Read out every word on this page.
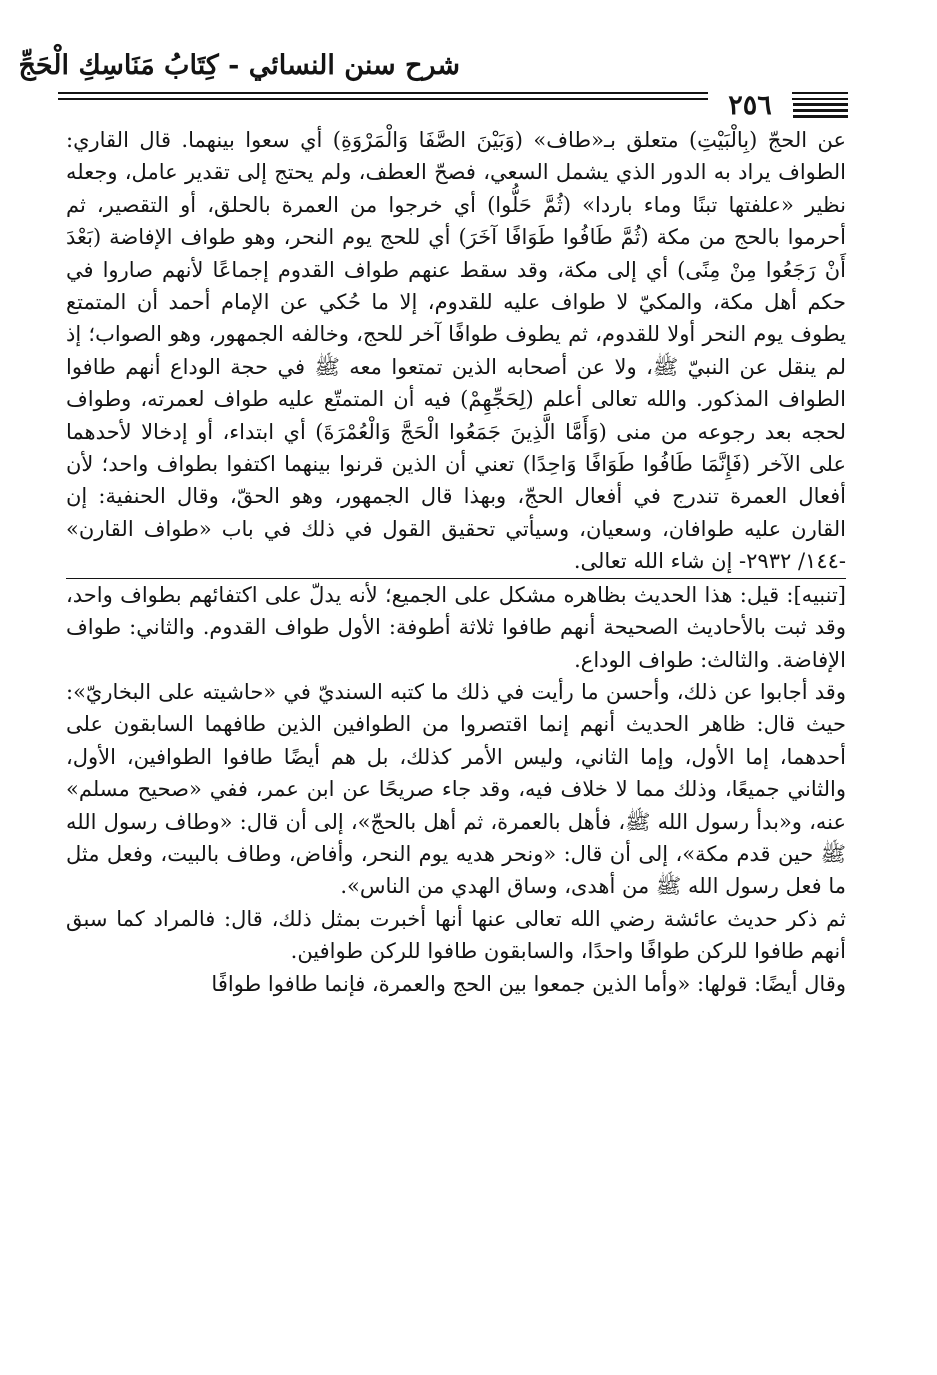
شرح سنن النسائي - كِتَابُ مَنَاسِكِ الْحَجِّ
٢٥٦

عن الحجّ (بِالْبَيْتِ) متعلق بـ«طاف» (وَبَيْنَ الصَّفَا وَالْمَرْوَةِ) أي سعوا بينهما. قال القاري: الطواف يراد به الدور الذي يشمل السعي، فصحّ العطف، ولم يحتج إلى تقدير عامل، وجعله نظير «علفتها تبنًا وماء باردا» (ثُمَّ حَلُّوا) أي خرجوا من العمرة بالحلق، أو التقصير، ثم أحرموا بالحج من مكة (ثُمَّ طَافُوا طَوَافًا آخَرَ) أي للحج يوم النحر، وهو طواف الإفاضة (بَعْدَ أَنْ رَجَعُوا مِنْ مِنًى) أي إلى مكة، وقد سقط عنهم طواف القدوم إجماعًا لأنهم صاروا في حكم أهل مكة، والمكيّ لا طواف عليه للقدوم، إلا ما حُكي عن الإمام أحمد أن المتمتع يطوف يوم النحر أولا للقدوم، ثم يطوف طوافًا آخر للحج، وخالفه الجمهور، وهو الصواب؛ إذ لم ينقل عن النبيّ ﷺ، ولا عن أصحابه الذين تمتعوا معه ﷺ في حجة الوداع أنهم طافوا الطواف المذكور. والله تعالى أعلم (لِحَجِّهِمْ) فيه أن المتمتّع عليه طواف لعمرته، وطواف لحجه بعد رجوعه من منى (وَأَمَّا الَّذِينَ جَمَعُوا الْحَجَّ وَالْعُمْرَةَ) أي ابتداء، أو إدخالا لأحدهما على الآخر (فَإِنَّمَا طَافُوا طَوَافًا وَاحِدًا) تعني أن الذين قرنوا بينهما اكتفوا بطواف واحد؛ لأن أفعال العمرة تندرج في أفعال الحجّ، وبهذا قال الجمهور، وهو الحقّ، وقال الحنفية: إن القارن عليه طوافان، وسعيان، وسيأتي تحقيق القول في ذلك في باب «طواف القارن» -١٤٤/ ٢٩٣٢- إن شاء الله تعالى.

[تنبيه]: قيل: هذا الحديث بظاهره مشكل على الجميع؛ لأنه يدلّ على اكتفائهم بطواف واحد، وقد ثبت بالأحاديث الصحيحة أنهم طافوا ثلاثة أطوفة: الأول طواف القدوم. والثاني: طواف الإفاضة. والثالث: طواف الوداع.

وقد أجابوا عن ذلك، وأحسن ما رأيت في ذلك ما كتبه السنديّ في «حاشيته على البخاريّ»: حيث قال: ظاهر الحديث أنهم إنما اقتصروا من الطوافين الذين طافهما السابقون على أحدهما، إما الأول، وإما الثاني، وليس الأمر كذلك، بل هم أيضًا طافوا الطوافين، الأول، والثاني جميعًا، وذلك مما لا خلاف فيه، وقد جاء صريحًا عن ابن عمر، ففي «صحيح مسلم» عنه، و«بدأ رسول الله ﷺ، فأهل بالعمرة، ثم أهل بالحجّ»، إلى أن قال: «وطاف رسول الله ﷺ حين قدم مكة»، إلى أن قال: «ونحر هديه يوم النحر، وأفاض، وطاف بالبيت، وفعل مثل ما فعل رسول الله ﷺ من أهدى، وساق الهدي من الناس».

ثم ذكر حديث عائشة رضي الله تعالى عنها أنها أخبرت بمثل ذلك، قال: فالمراد كما سبق أنهم طافوا للركن طوافًا واحدًا، والسابقون طافوا للركن طوافين.

وقال أيضًا: قولها: «وأما الذين جمعوا بين الحج والعمرة، فإنما طافوا طوافًا
